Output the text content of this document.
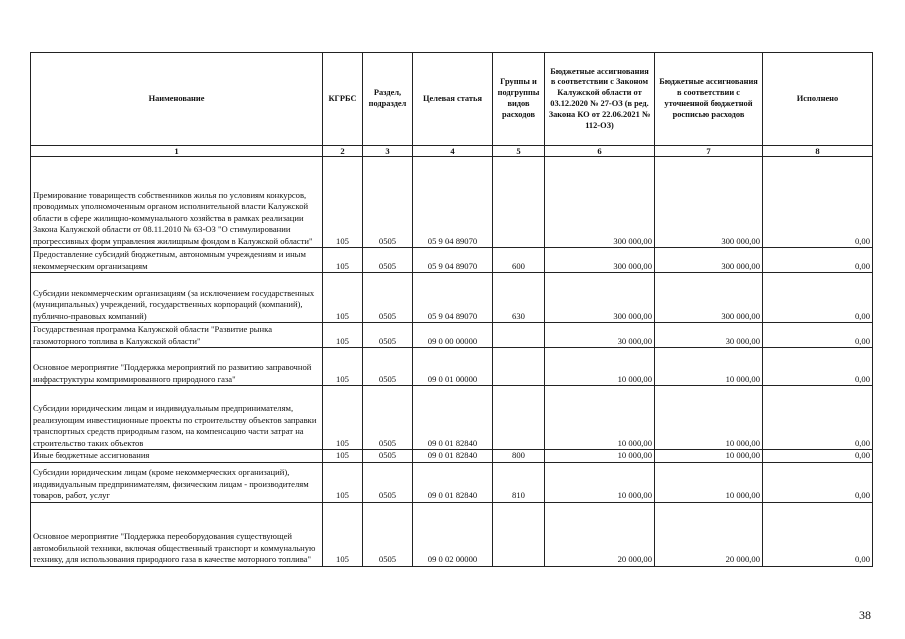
Наименование	КГРБС	Раздел, подраздел	Целевая статья	Группы и подгруппы видов расходов	Бюджетные ассигнования в соответствии с Законом Калужской области от 03.12.2020 № 27-ОЗ (в ред. Закона КО от 22.06.2021 № 112-ОЗ)	Бюджетные ассигнования в соответствии с уточненной бюджетной росписью расходов	Исполнено
1	2	3	4	5	6	7	8
Премирование товариществ собственников жилья по условиям конкурсов, проводимых уполномоченным органом исполнительной власти Калужской области в сфере жилищно-коммунального хозяйства в рамках реализации Закона Калужской области от 08.11.2010 № 63-ОЗ "О стимулировании прогрессивных форм управления жилищным фондом в Калужской области"	105	0505	05 9 04 89070		300 000,00	300 000,00	0,00
Предоставление субсидий бюджетным, автономным учреждениям и иным некоммерческим организациям	105	0505	05 9 04 89070	600	300 000,00	300 000,00	0,00
Субсидии некоммерческим организациям (за исключением государственных (муниципальных) учреждений, государственных корпораций (компаний), публично-правовых компаний)	105	0505	05 9 04 89070	630	300 000,00	300 000,00	0,00
Государственная программа Калужской области "Развитие рынка газомоторного топлива в Калужской области"	105	0505	09 0 00 00000		30 000,00	30 000,00	0,00
Основное мероприятие "Поддержка мероприятий по развитию заправочной инфраструктуры компримированного природного газа"	105	0505	09 0 01 00000		10 000,00	10 000,00	0,00
Субсидии юридическим лицам и индивидуальным предпринимателям, реализующим инвестиционные проекты по строительству объектов заправки транспортных средств природным газом, на компенсацию части затрат на строительство таких объектов	105	0505	09 0 01 82840		10 000,00	10 000,00	0,00
Иные бюджетные ассигнования	105	0505	09 0 01 82840	800	10 000,00	10 000,00	0,00
Субсидии юридическим лицам (кроме некоммерческих организаций), индивидуальным предпринимателям, физическим лицам - производителям товаров, работ, услуг	105	0505	09 0 01 82840	810	10 000,00	10 000,00	0,00
Основное мероприятие "Поддержка переоборудования существующей автомобильной техники, включая общественный транспорт и коммунальную технику, для использования природного газа в качестве моторного топлива"	105	0505	09 0 02 00000		20 000,00	20 000,00	0,00
38
